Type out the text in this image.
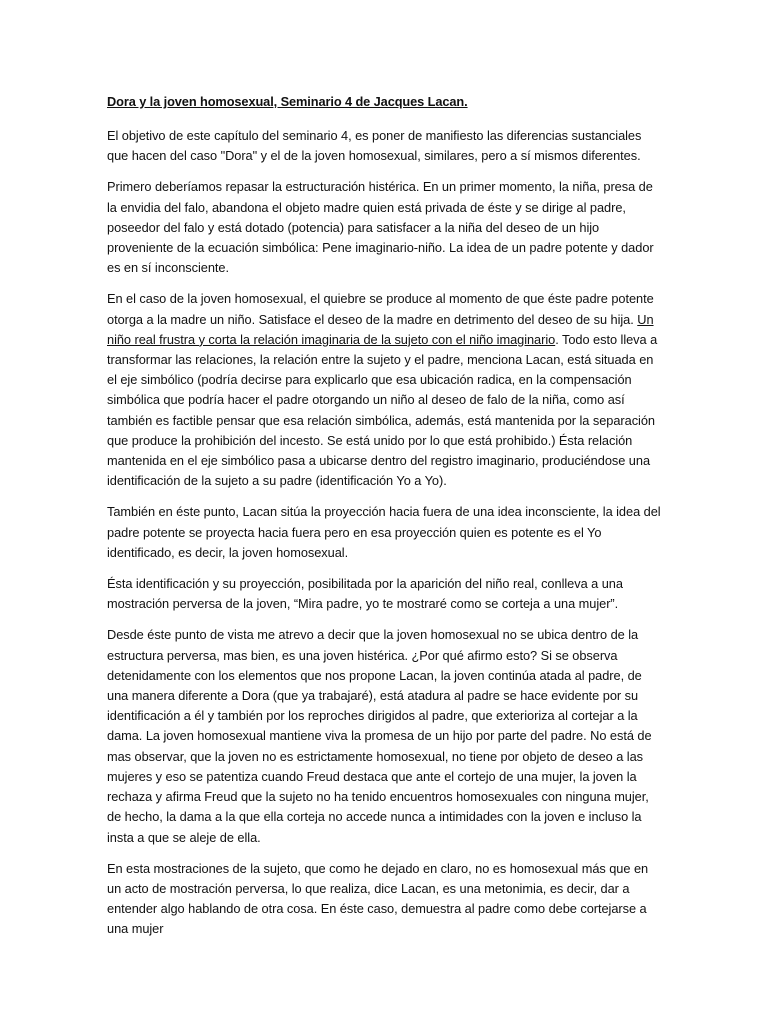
Dora y la joven homosexual, Seminario 4 de Jacques Lacan.

El objetivo de este capítulo del seminario 4, es poner de manifiesto las diferencias sustanciales que hacen del caso "Dora" y el de la joven homosexual, similares, pero a sí mismos diferentes.

Primero deberíamos repasar la estructuración histérica. En un primer momento, la niña, presa de la envidia del falo, abandona el objeto madre quien está privada de éste y se dirige al padre, poseedor del falo y está dotado (potencia) para satisfacer a la niña del deseo de un hijo proveniente de la ecuación simbólica: Pene imaginario-niño. La idea de un padre potente y dador es en sí inconsciente.

En el caso de la joven homosexual, el quiebre se produce al momento de que éste padre potente otorga a la madre un niño. Satisface el deseo de la madre en detrimento del deseo de su hija. Un niño real frustra y corta la relación imaginaria de la sujeto con el niño imaginario. Todo esto lleva a transformar las relaciones, la relación entre la sujeto y el padre, menciona Lacan, está situada en el eje simbólico (podría decirse para explicarlo que esa ubicación radica, en la compensación simbólica que podría hacer el padre otorgando un niño al deseo de falo de la niña, como así también es factible pensar que esa relación simbólica, además, está mantenida por la separación que produce la prohibición del incesto. Se está unido por lo que está prohibido.) Ésta relación mantenida en el eje simbólico pasa a ubicarse dentro del registro imaginario, produciéndose una identificación de la sujeto a su padre (identificación Yo a Yo).

También en éste punto, Lacan sitúa la proyección hacia fuera de una idea inconsciente, la idea del padre potente se proyecta hacia fuera pero en esa proyección quien es potente es el Yo identificado, es decir, la joven homosexual.

Ésta identificación y su proyección, posibilitada por la aparición del niño real, conlleva a una mostración perversa de la joven, “Mira padre, yo te mostraré como se corteja a una mujer”.

Desde éste punto de vista me atrevo a decir que la joven homosexual no se ubica dentro de la estructura perversa, mas bien, es una joven histérica. ¿Por qué afirmo esto? Si se observa detenidamente con los elementos que nos propone Lacan, la joven continúa atada al padre, de una manera diferente a Dora (que ya trabajaré), está atadura al padre se hace evidente por su identificación a él y también por los reproches dirigidos al padre, que exterioriza al cortejar a la dama. La joven homosexual mantiene viva la promesa de un hijo por parte del padre. No está de mas observar, que la joven no es estrictamente homosexual, no tiene por objeto de deseo a las mujeres y eso se patentiza cuando Freud destaca que ante el cortejo de una mujer, la joven la rechaza y afirma Freud que la sujeto no ha tenido encuentros homosexuales con ninguna mujer, de hecho, la dama a la que ella corteja no accede nunca a intimidades con la joven e incluso la insta a que se aleje de ella.

En esta mostraciones de la sujeto, que como he dejado en claro, no es homosexual más que en un acto de mostración perversa, lo que realiza, dice Lacan, es una metonimia, es decir, dar a entender algo hablando de otra cosa. En éste caso, demuestra al padre como debe cortejarse a una mujer
